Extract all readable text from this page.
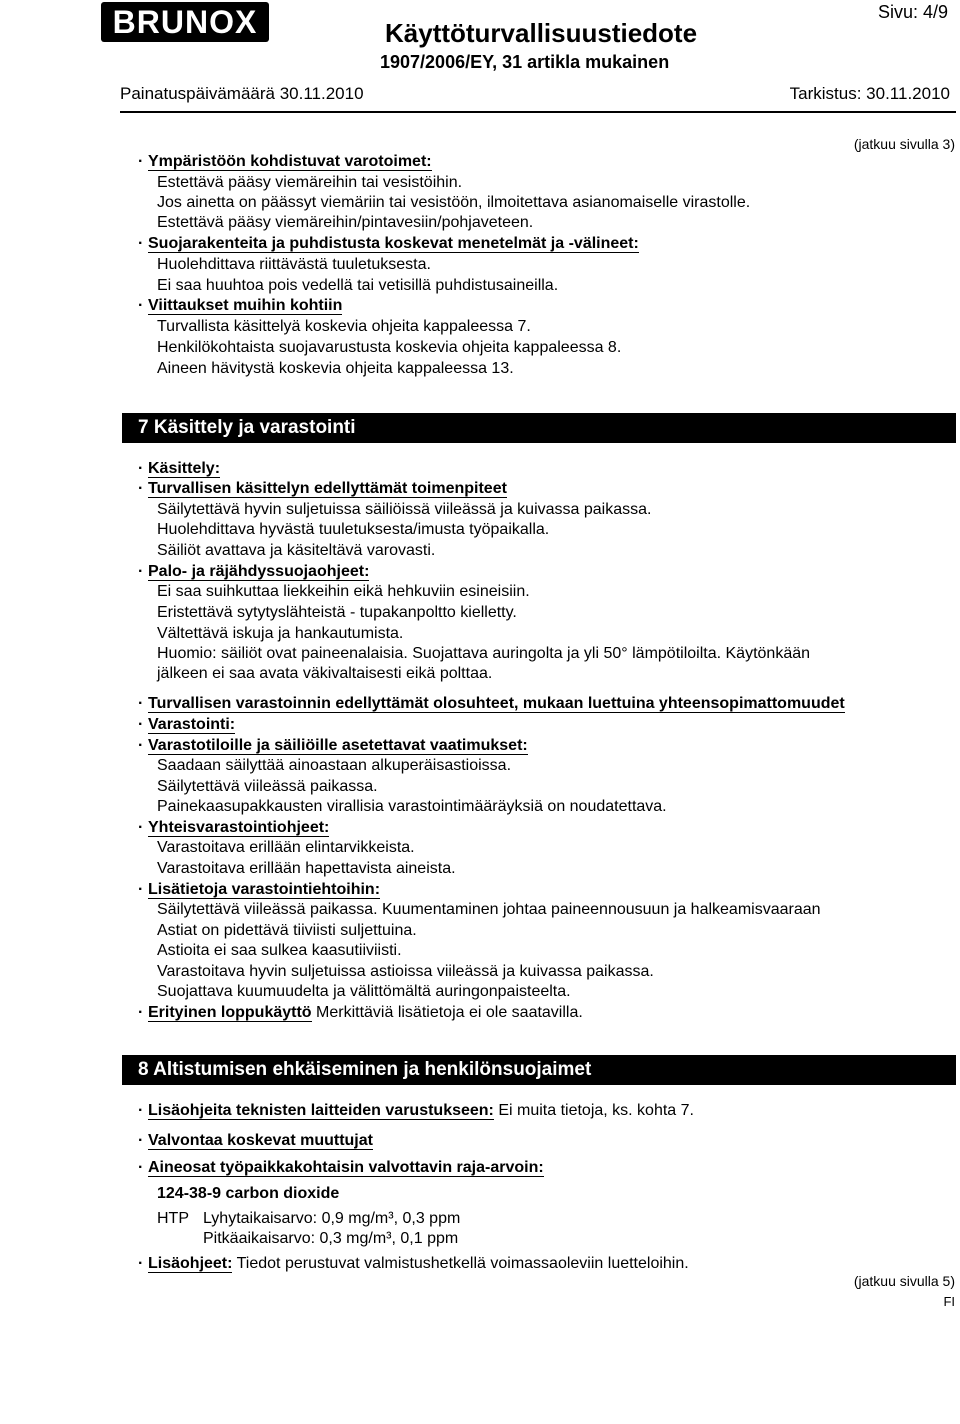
BRUNOX	Käyttöturvallisuustiedote
1907/2006/EY, 31 artikla mukainen
Sivu: 4/9
Painatuspäivämäärä 30.11.2010	Tarkistus: 30.11.2010
(jatkuu sivulla 3)
· Ympäristöön kohdistuvat varotoimet:
Estettävä pääsy viemäreihin tai vesistöihin.
Jos ainetta on päässyt viemäriin tai vesistöön, ilmoitettava asianomaiselle virastolle.
Estettävä pääsy viemäreihin/pintavesiin/pohjaveteen.
· Suojarakenteita ja puhdistusta koskevat menetelmät ja -välineet:
Huolehdittava riittävästä tuuletuksesta.
Ei saa huuhtoa pois vedellä tai vetisillä puhdistusaineilla.
· Viittaukset muihin kohtiin
Turvallista käsittelyä koskevia ohjeita kappaleessa 7.
Henkilökohtaista suojavarustusta koskevia ohjeita kappaleessa 8.
Aineen hävitystä koskevia ohjeita kappaleessa 13.
7 Käsittely ja varastointi
· Käsittely:
· Turvallisen käsittelyn edellyttämät toimenpiteet
Säilytettävä hyvin suljetuissa säiliöissä viileässä ja kuivassa paikassa.
Huolehdittava hyvästä tuuletuksesta/imusta työpaikalla.
Säiliöt avattava ja käsiteltävä varovasti.
· Palo- ja räjähdyssuojaohjeet:
Ei saa suihkuttaa liekkeihin eikä hehkuviin esineisiin.
Eristettävä sytytyslähteistä - tupakanpoltto kielletty.
Vältettävä iskuja ja hankautumista.
Huomio: säiliöt ovat paineenalaisia. Suojattava auringolta ja yli 50° lämpötiloilta. Käytönkään
jälkeen ei saa avata väkivaltaisesti eikä polttaa.
· Turvallisen varastoinnin edellyttämät olosuhteet, mukaan luettuina yhteensopimattomuudet
· Varastointi:
· Varastotiloille ja säiliöille asetettavat vaatimukset:
Saadaan säilyttää ainoastaan alkuperäisastioissa.
Säilytettävä viileässä paikassa.
Painekaasupakkausten virallisia varastointimääräyksiä on noudatettava.
· Yhteisvarastointiohjeet:
Varastoitava erillään elintarvikkeista.
Varastoitava erillään hapettavista aineista.
· Lisätietoja varastointiehtoihin:
Säilytettävä viileässä paikassa. Kuumentaminen johtaa paineennousuun ja halkeamisvaaraan
Astiat on pidettävä tiiviisti suljettuina.
Astioita ei saa sulkea kaasutiiviisti.
Varastoitava hyvin suljetuissa astioissa viileässä ja kuivassa paikassa.
Suojattava kuumuudelta ja välittömältä auringonpaisteelta.
· Erityinen loppukäyttö Merkittäviä lisätietoja ei ole saatavilla.
8 Altistumisen ehkäiseminen ja henkilönsuojaimet
· Lisäohjeita teknisten laitteiden varustukseen: Ei muita tietoja, ks. kohta 7.
· Valvontaa koskevat muuttujat
· Aineosat työpaikkakohtaisin valvottavin raja-arvoin:
124-38-9 carbon dioxide
HTP Lyhytaikaisarvo: 0,9 mg/m³, 0,3 ppm
Pitkäaikaisarvo: 0,3 mg/m³, 0,1 ppm
· Lisäohjeet: Tiedot perustuvat valmistushetkellä voimassaoleviin luetteloihin.
(jatkuu sivulla 5)
FI
